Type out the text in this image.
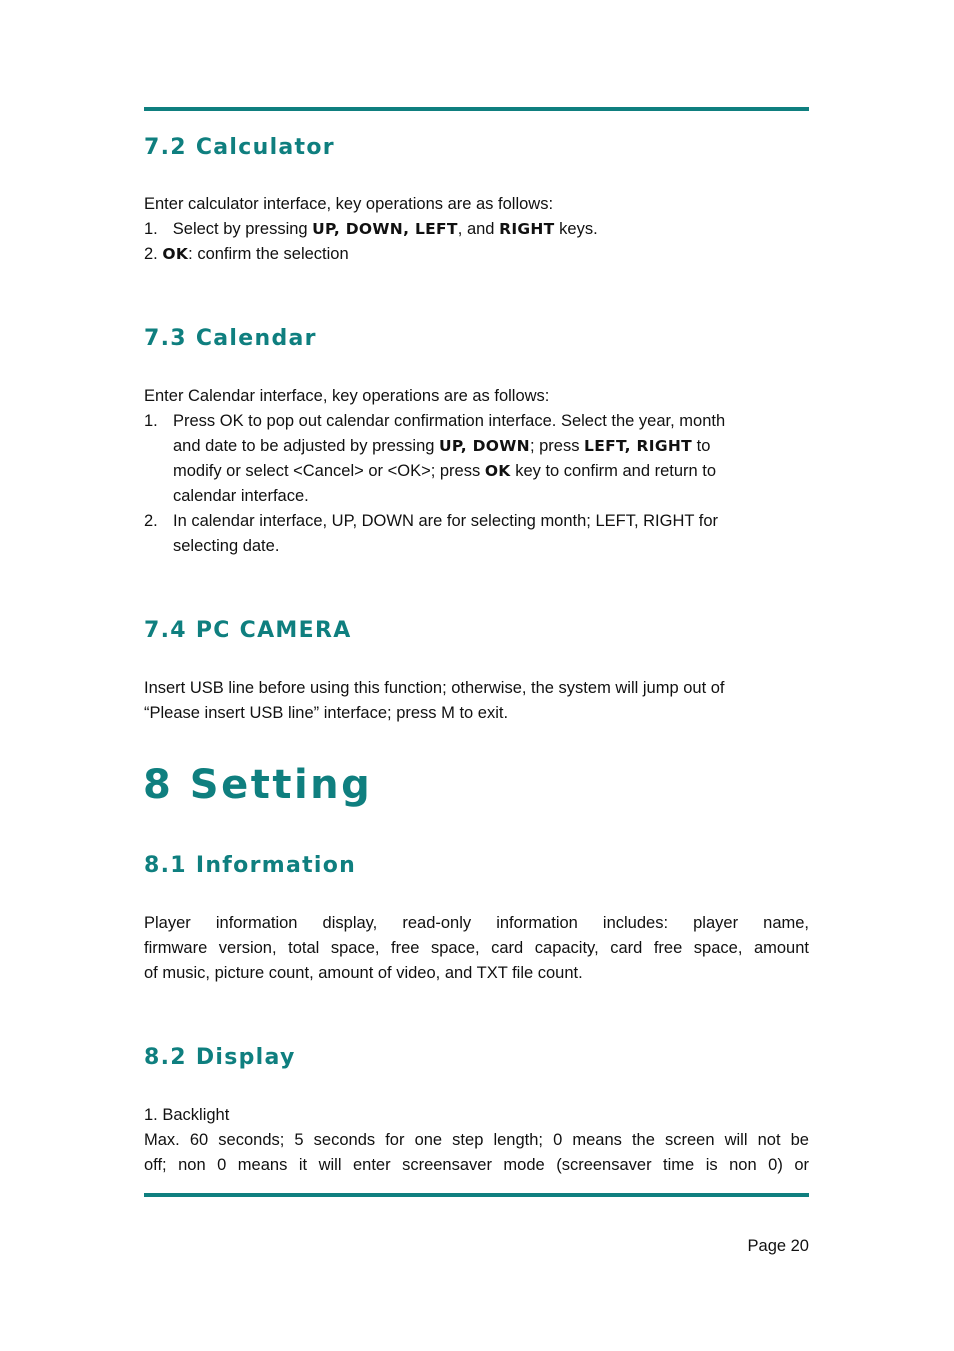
7.2 Calculator
Enter calculator interface, key operations are as follows:
1. Select by pressing UP, DOWN, LEFT, and RIGHT keys.
2. OK: confirm the selection
7.3 Calendar
Enter Calendar interface, key operations are as follows:
1. Press OK to pop out calendar confirmation interface. Select the year, month
and date to be adjusted by pressing UP, DOWN; press LEFT, RIGHT to
modify or select <Cancel> or <OK>; press OK key to confirm and return to
calendar interface.
2. In calendar interface, UP, DOWN are for selecting month; LEFT, RIGHT for
selecting date.
7.4 PC CAMERA
Insert USB line before using this function; otherwise, the system will jump out of
“Please insert USB line” interface; press M to exit.
8 Setting
8.1 Information
Player information display, read-only information includes: player name,
firmware version, total space, free space, card capacity, card free space, amount
of music, picture count, amount of video, and TXT file count.
8.2 Display
1. Backlight
Max. 60 seconds; 5 seconds for one step length; 0 means the screen will not be
off; non 0 means it will enter screensaver mode (screensaver time is non 0) or
Page 20
